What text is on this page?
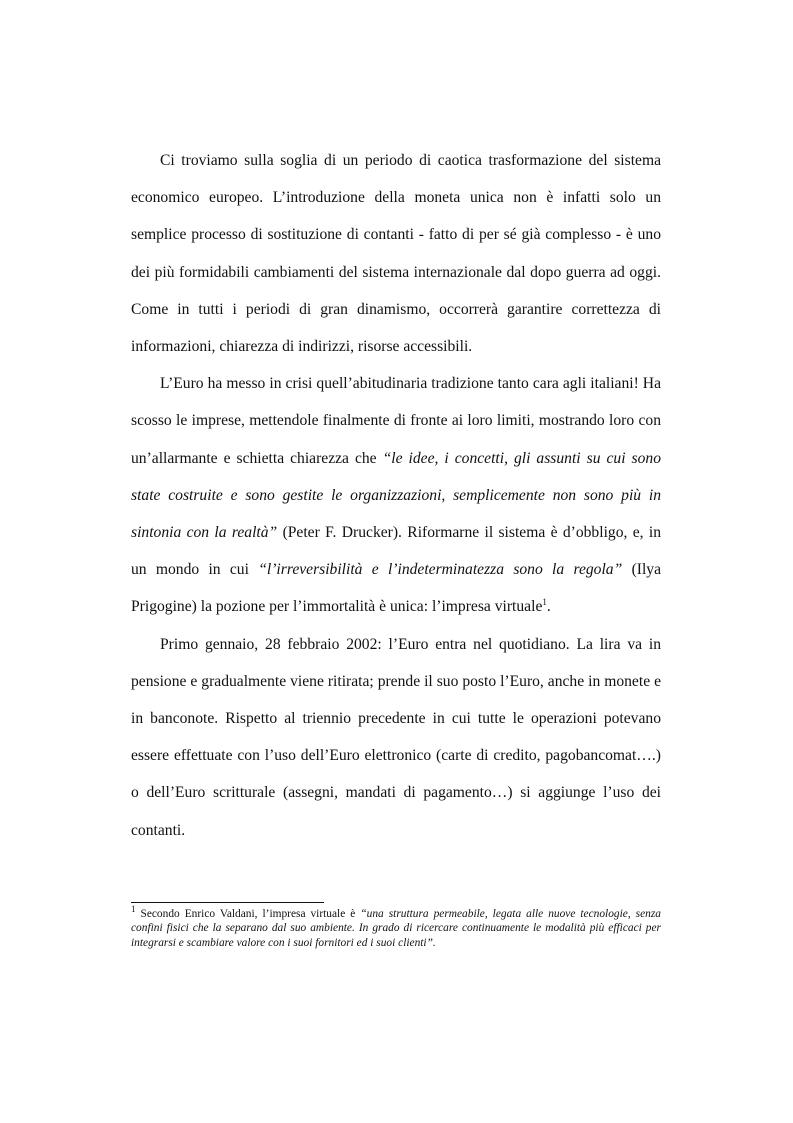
Ci troviamo sulla soglia di un periodo di caotica trasformazione del sistema economico europeo. L’introduzione della moneta unica non è infatti solo un semplice processo di sostituzione di contanti - fatto di per sé già complesso - è uno dei più formidabili cambiamenti del sistema internazionale dal dopo guerra ad oggi. Come in tutti i periodi di gran dinamismo, occorrerà garantire correttezza di informazioni, chiarezza di indirizzi, risorse accessibili.

L’Euro ha messo in crisi quell’abitudinaria tradizione tanto cara agli italiani! Ha scosso le imprese, mettendole finalmente di fronte ai loro limiti, mostrando loro con un’allarmante e schietta chiarezza che “le idee, i concetti, gli assunti su cui sono state costruite e sono gestite le organizzazioni, semplicemente non sono più in sintonia con la realtà” (Peter F. Drucker). Riformarne il sistema è d’obbligo, e, in un mondo in cui “l’irreversibilità e l’indeterminatezza sono la regola” (Ilya Prigogine) la pozione per l’immortalità è unica: l’impresa virtuale$^1$.

Primo gennaio, 28 febbraio 2002: l’Euro entra nel quotidiano. La lira va in pensione e gradualmente viene ritirata; prende il suo posto l’Euro, anche in monete e in banconote. Rispetto al triennio precedente in cui tutte le operazioni potevano essere effettuate con l’uso dell’Euro elettronico (carte di credito, pagobancomat….) o dell’Euro scritturale (assegni, mandati di pagamento…) si aggiunge l’uso dei contanti.

$^1$ Secondo Enrico Valdani, l’impresa virtuale è “una struttura permeabile, legata alle nuove tecnologie, senza confini fisici che la separano dal suo ambiente. In grado di ricercare continuamente le modalità più efficaci per integrarsi e scambiare valore con i suoi fornitori ed i suoi clienti”.
